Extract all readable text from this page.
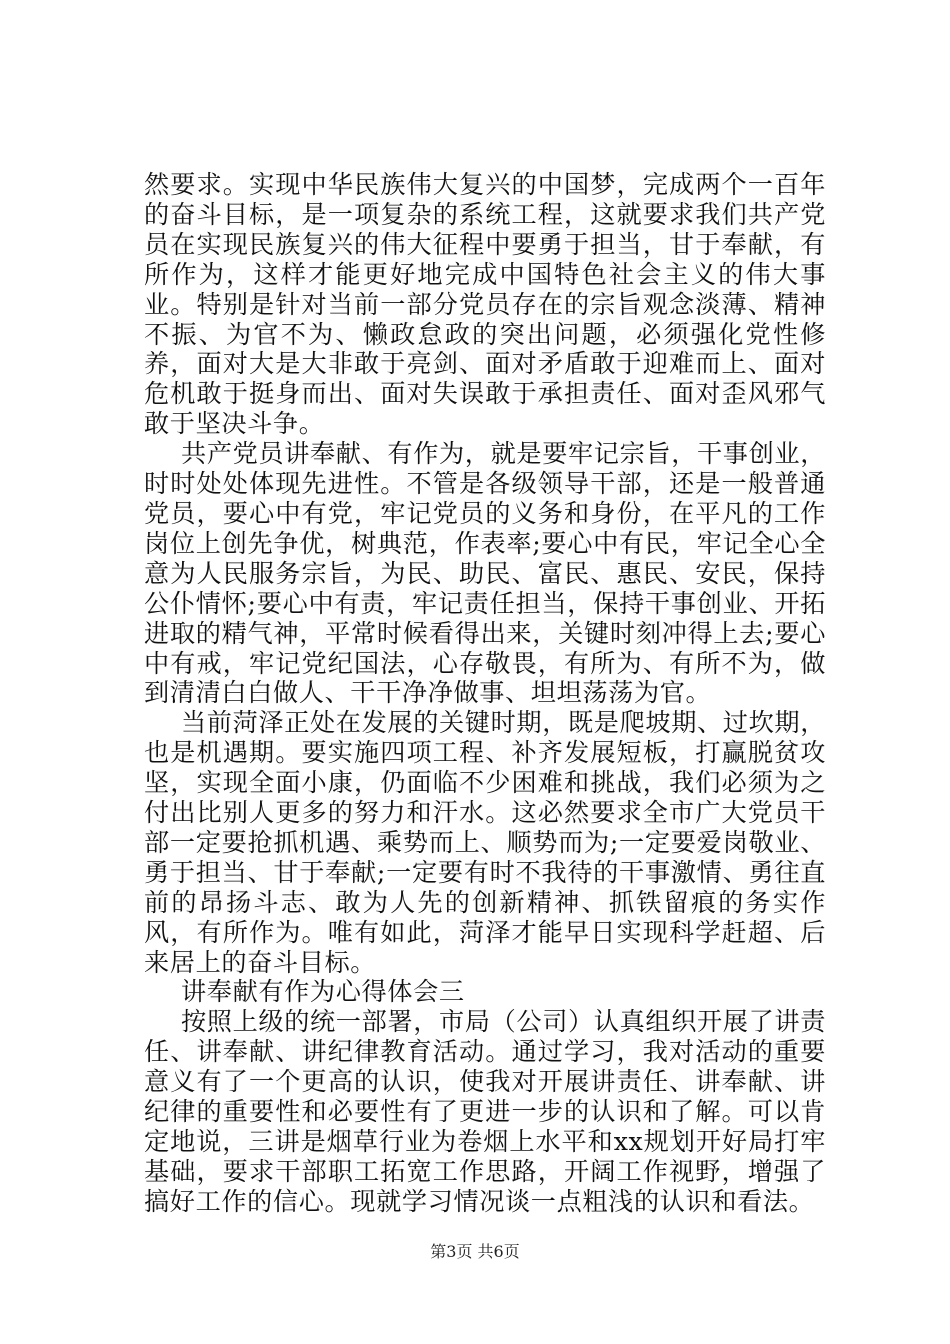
然要求。实现中华民族伟大复兴的中国梦，完成两个一百年的奋斗目标，是一项复杂的系统工程，这就要求我们共产党员在实现民族复兴的伟大征程中要勇于担当，甘于奉献，有所作为，这样才能更好地完成中国特色社会主义的伟大事业。特别是针对当前一部分党员存在的宗旨观念淡薄、精神不振、为官不为、懒政怠政的突出问题，必须强化党性修养，面对大是大非敢于亮剑、面对矛盾敢于迎难而上、面对危机敢于挺身而出、面对失误敢于承担责任、面对歪风邪气敢于坚决斗争。

共产党员讲奉献、有作为，就是要牢记宗旨，干事创业，时时处处体现先进性。不管是各级领导干部，还是一般普通党员，要心中有党，牢记党员的义务和身份，在平凡的工作岗位上创先争优，树典范，作表率;要心中有民，牢记全心全意为人民服务宗旨，为民、助民、富民、惠民、安民，保持公仆情怀;要心中有责，牢记责任担当，保持干事创业、开拓进取的精气神，平常时候看得出来，关键时刻冲得上去;要心中有戒，牢记党纪国法，心存敬畏，有所为、有所不为，做到清清白白做人、干干净净做事、坦坦荡荡为官。

当前菏泽正处在发展的关键时期，既是爬坡期、过坎期，也是机遇期。要实施四项工程、补齐发展短板，打赢脱贫攻坚，实现全面小康，仍面临不少困难和挑战，我们必须为之付出比别人更多的努力和汗水。这必然要求全市广大党员干部一定要抢抓机遇、乘势而上、顺势而为;一定要爱岗敬业、勇于担当、甘于奉献;一定要有时不我待的干事激情、勇往直前的昂扬斗志、敢为人先的创新精神、抓铁留痕的务实作风，有所作为。唯有如此，菏泽才能早日实现科学赶超、后来居上的奋斗目标。

讲奉献有作为心得体会三

按照上级的统一部署，市局（公司）认真组织开展了讲责任、讲奉献、讲纪律教育活动。通过学习，我对活动的重要意义有了一个更高的认识，使我对开展讲责任、讲奉献、讲纪律的重要性和必要性有了更进一步的认识和了解。可以肯定地说，三讲是烟草行业为卷烟上水平和xx规划开好局打牢基础，要求干部职工拓宽工作思路，开阔工作视野，增强了搞好工作的信心。现就学习情况谈一点粗浅的认识和看法。

第3页 共6页
